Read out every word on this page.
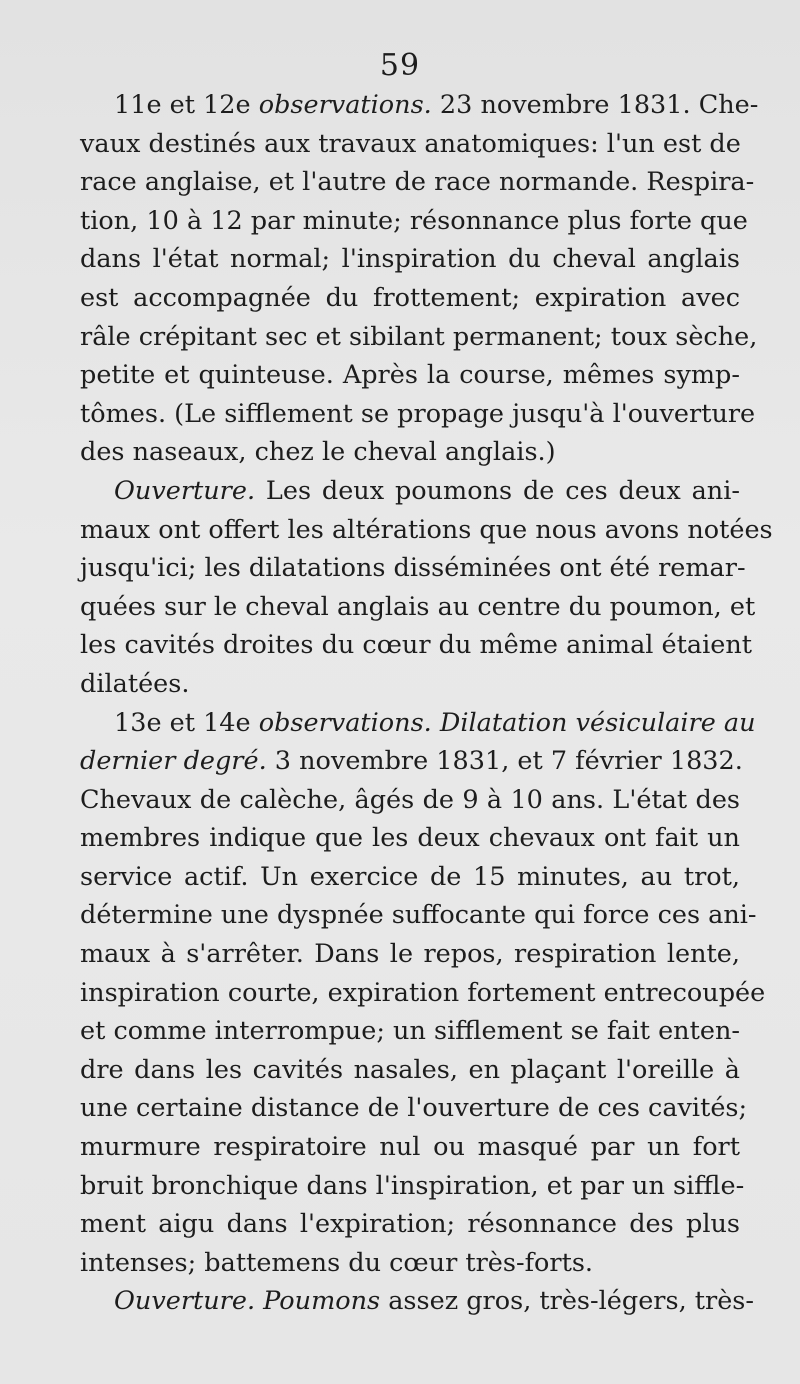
59
11e et 12e observations. 23 novembre 1831. Che-
vaux destinés aux travaux anatomiques: l'un est de
race anglaise, et l'autre de race normande. Respira-
tion, 10 à 12 par minute; résonnance plus forte que
dans l'état normal; l'inspiration du cheval anglais
est accompagnée du frottement; expiration avec
râle crépitant sec et sibilant permanent; toux sèche,
petite et quinteuse. Après la course, mêmes symp-
tômes. (Le sifflement se propage jusqu'à l'ouverture
des naseaux, chez le cheval anglais.)
Ouverture. Les deux poumons de ces deux ani-
maux ont offert les altérations que nous avons notées
jusqu'ici; les dilatations disséminées ont été remar-
quées sur le cheval anglais au centre du poumon, et
les cavités droites du cœur du même animal étaient
dilatées.
13e et 14e observations. Dilatation vésiculaire au
dernier degré. 3 novembre 1831, et 7 février 1832.
Chevaux de calèche, âgés de 9 à 10 ans. L'état des
membres indique que les deux chevaux ont fait un
service actif. Un exercice de 15 minutes, au trot,
détermine une dyspnée suffocante qui force ces ani-
maux à s'arrêter. Dans le repos, respiration lente,
inspiration courte, expiration fortement entrecoupée
et comme interrompue; un sifflement se fait enten-
dre dans les cavités nasales, en plaçant l'oreille à
une certaine distance de l'ouverture de ces cavités;
murmure respiratoire nul ou masqué par un fort
bruit bronchique dans l'inspiration, et par un siffle-
ment aigu dans l'expiration; résonnance des plus
intenses; battemens du cœur très-forts.
Ouverture. Poumons assez gros, très-légers, très-
